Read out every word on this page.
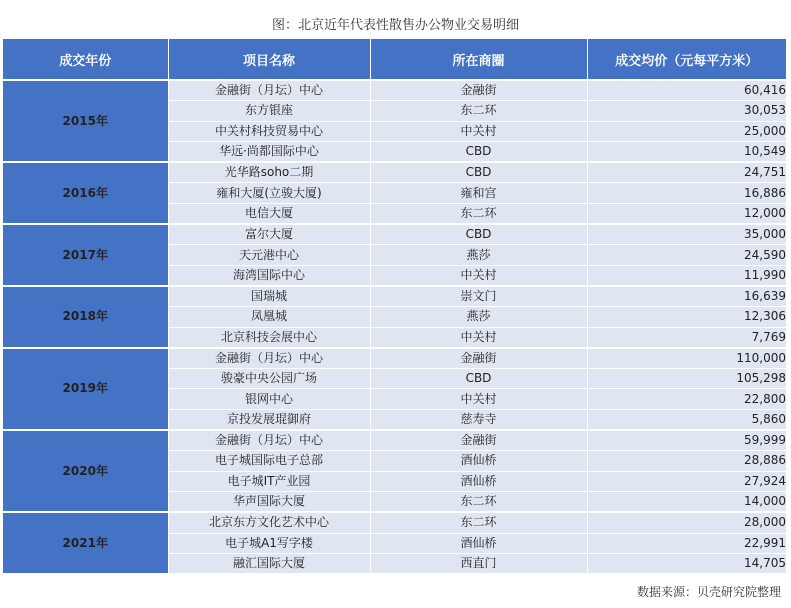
图：北京近年代表性散售办公物业交易明细
成交年份	项目名称	所在商圈	成交均价（元每平方米）
2015年	金融街（月坛）中心	金融街	60,416
	东方银座	东二环	30,053
	中关村科技贸易中心	中关村	25,000
	华远·尚都国际中心	CBD	10,549
2016年	光华路soho二期	CBD	24,751
	雍和大厦(立骏大厦)	雍和宫	16,886
	电信大厦	东二环	12,000
2017年	富尔大厦	CBD	35,000
	天元港中心	燕莎	24,590
	海湾国际中心	中关村	11,990
2018年	国瑞城	崇文门	16,639
	凤凰城	燕莎	12,306
	北京科技会展中心	中关村	7,769
2019年	金融街（月坛）中心	金融街	110,000
	骏豪中央公园广场	CBD	105,298
	银网中心	中关村	22,800
	京投发展琨御府	慈寿寺	5,860
2020年	金融街（月坛）中心	金融街	59,999
	电子城国际电子总部	酒仙桥	28,886
	电子城IT产业园	酒仙桥	27,924
	华声国际大厦	东二环	14,000
2021年	北京东方文化艺术中心	东二环	28,000
	电子城A1写字楼	酒仙桥	22,991
	融汇国际大厦	西直门	14,705
数据来源：贝壳研究院整理
